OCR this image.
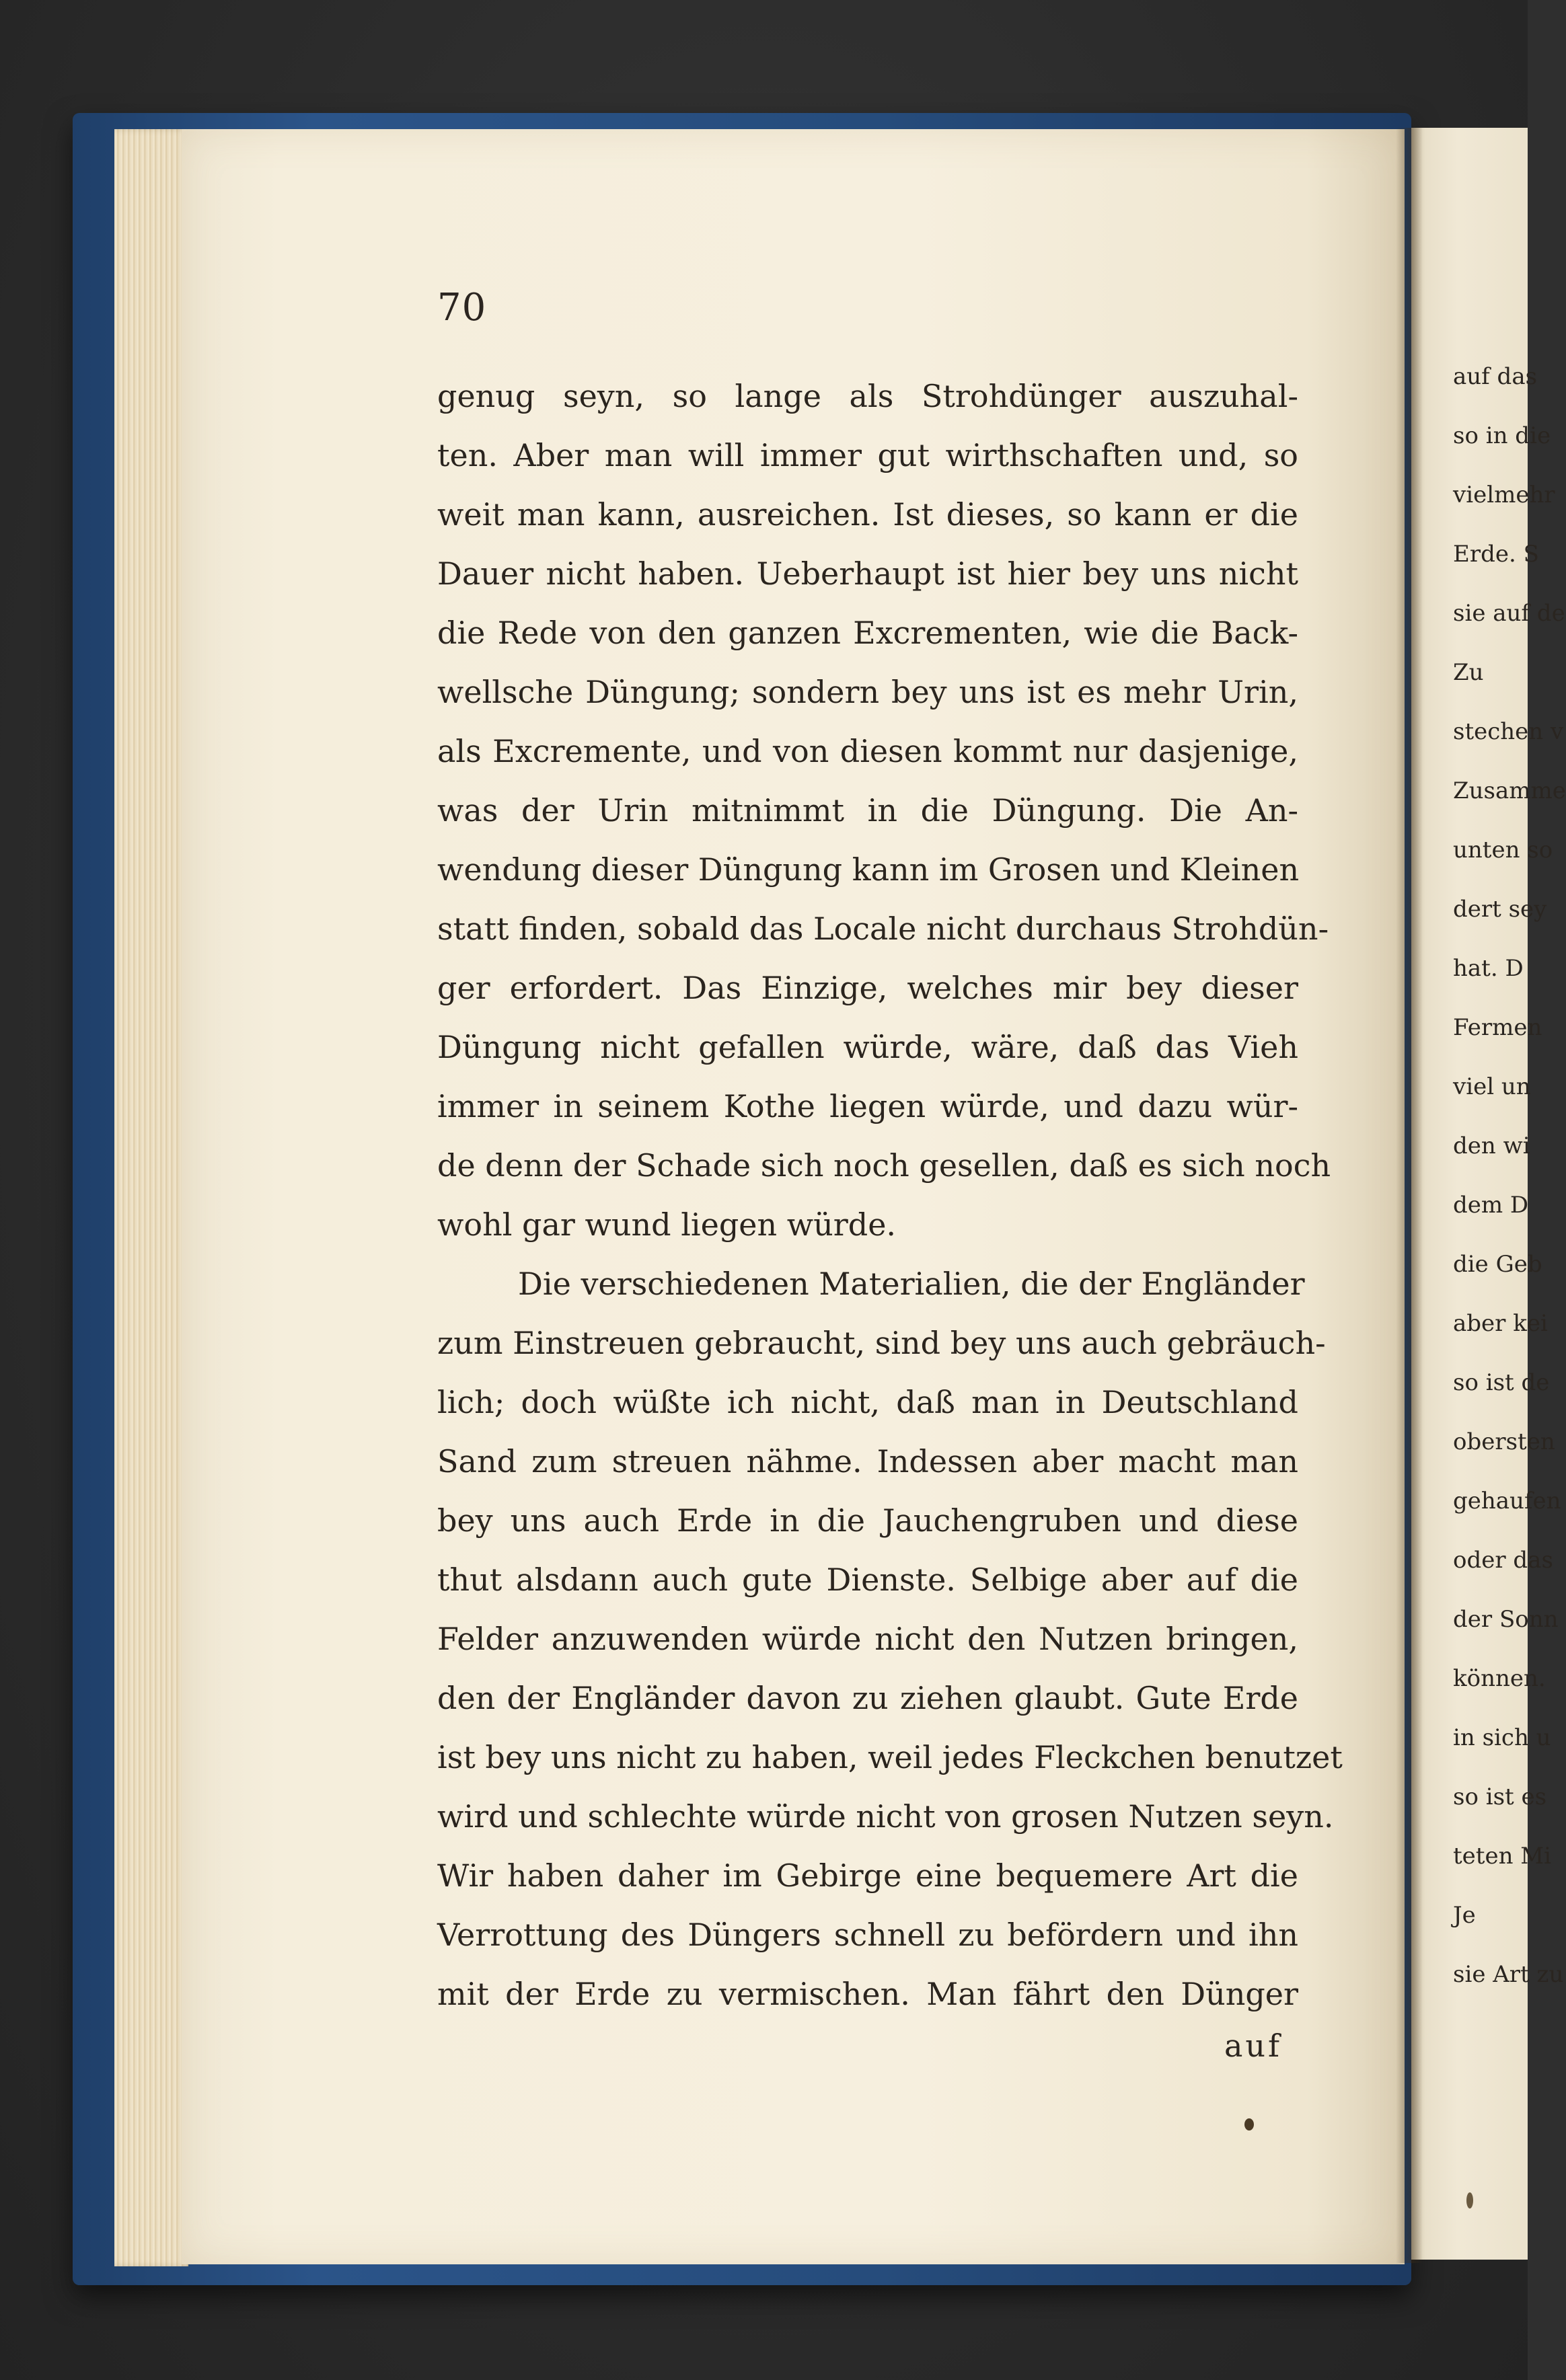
70
genug seyn, so lange als Strohdünger auszuhal-
ten. Aber man will immer gut wirthschaften und, so
weit man kann, ausreichen. Ist dieses, so kann er die
Dauer nicht haben. Ueberhaupt ist hier bey uns nicht
die Rede von den ganzen Excrementen, wie die Back-
wellsche Düngung; sondern bey uns ist es mehr Urin,
als Excremente, und von diesen kommt nur dasjenige,
was der Urin mitnimmt in die Düngung. Die An-
wendung dieser Düngung kann im Grosen und Kleinen
statt finden, sobald das Locale nicht durchaus Strohdün-
ger erfordert. Das Einzige, welches mir bey dieser
Düngung nicht gefallen würde, wäre, daß das Vieh
immer in seinem Kothe liegen würde, und dazu wür-
de denn der Schade sich noch gesellen, daß es sich noch
wohl gar wund liegen würde.
Die verschiedenen Materialien, die der Engländer
zum Einstreuen gebraucht, sind bey uns auch gebräuch-
lich; doch wüßte ich nicht, daß man in Deutschland
Sand zum streuen nähme. Indessen aber macht man
bey uns auch Erde in die Jauchengruben und diese
thut alsdann auch gute Dienste. Selbige aber auf die
Felder anzuwenden würde nicht den Nutzen bringen,
den der Engländer davon zu ziehen glaubt. Gute Erde
ist bey uns nicht zu haben, weil jedes Fleckchen benutzet
wird und schlechte würde nicht von grosen Nutzen seyn.
Wir haben daher im Gebirge eine bequemere Art die
Verrottung des Düngers schnell zu befördern und ihn
mit der Erde zu vermischen. Man fährt den Dünger
auf
auf das
so in die
vielmehr
Erde. S
sie auf de
Zu
stechen v
Zusamme
unten so
dert sey
hat. D
Fermen
viel un
den wi
dem D
die Geb
aber kei
so ist de
obersten
gehaufen
oder das
der Sonn
können.
in sich u
so ist es
teten Mi
Je
sie Art zu
